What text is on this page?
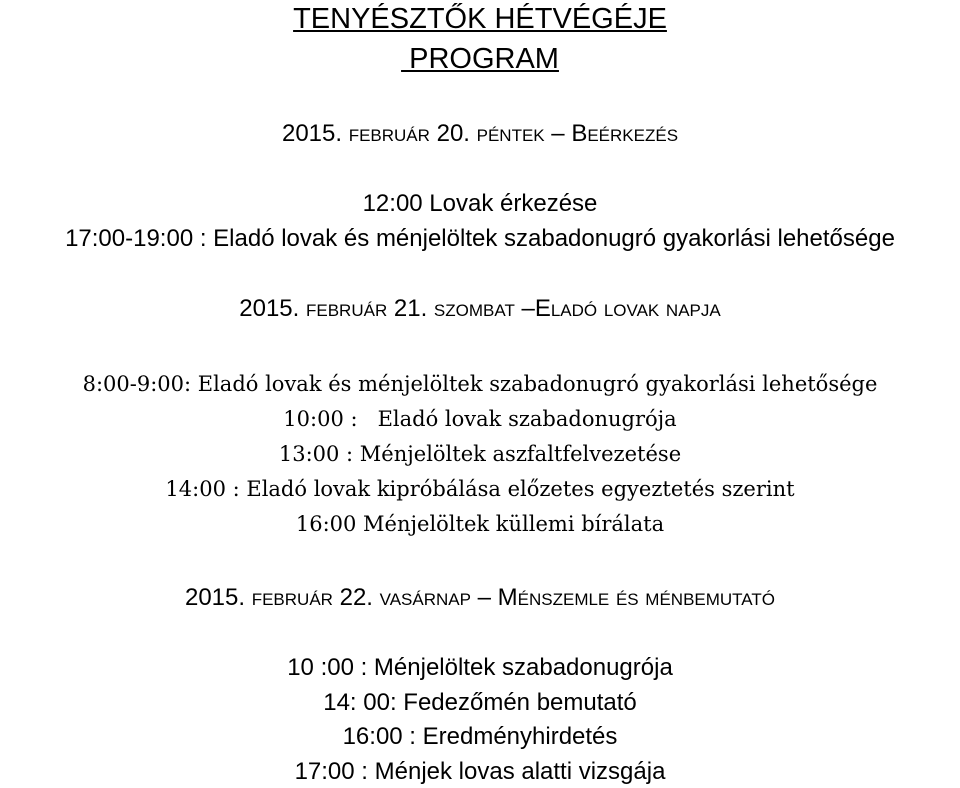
TENYÉSZTŐK HÉTVÉGÉJE
PROGRAM
2015. február 20. péntek – Beérkezés
12:00 Lovak érkezése
17:00-19:00 : Eladó lovak és ménjelöltek szabadonugró gyakorlási lehetősége
2015. február 21. szombat –Eladó lovak napja
8:00-9:00: Eladó lovak és ménjelöltek szabadonugró gyakorlási lehetősége
10:00 :   Eladó lovak szabadonugrója
13:00 : Ménjelöltek aszfaltfelvezetése
14:00 : Eladó lovak kipróbálása előzetes egyeztetés szerint
16:00 Ménjelöltek küllemi bírálata
2015. február 22. vasárnap – Ménszemle és ménbemutató
10 :00 : Ménjelöltek szabadonugrója
14: 00: Fedezőmén bemutató
16:00 : Eredményhirdetés
17:00 : Ménjek lovas alatti vizsgája
